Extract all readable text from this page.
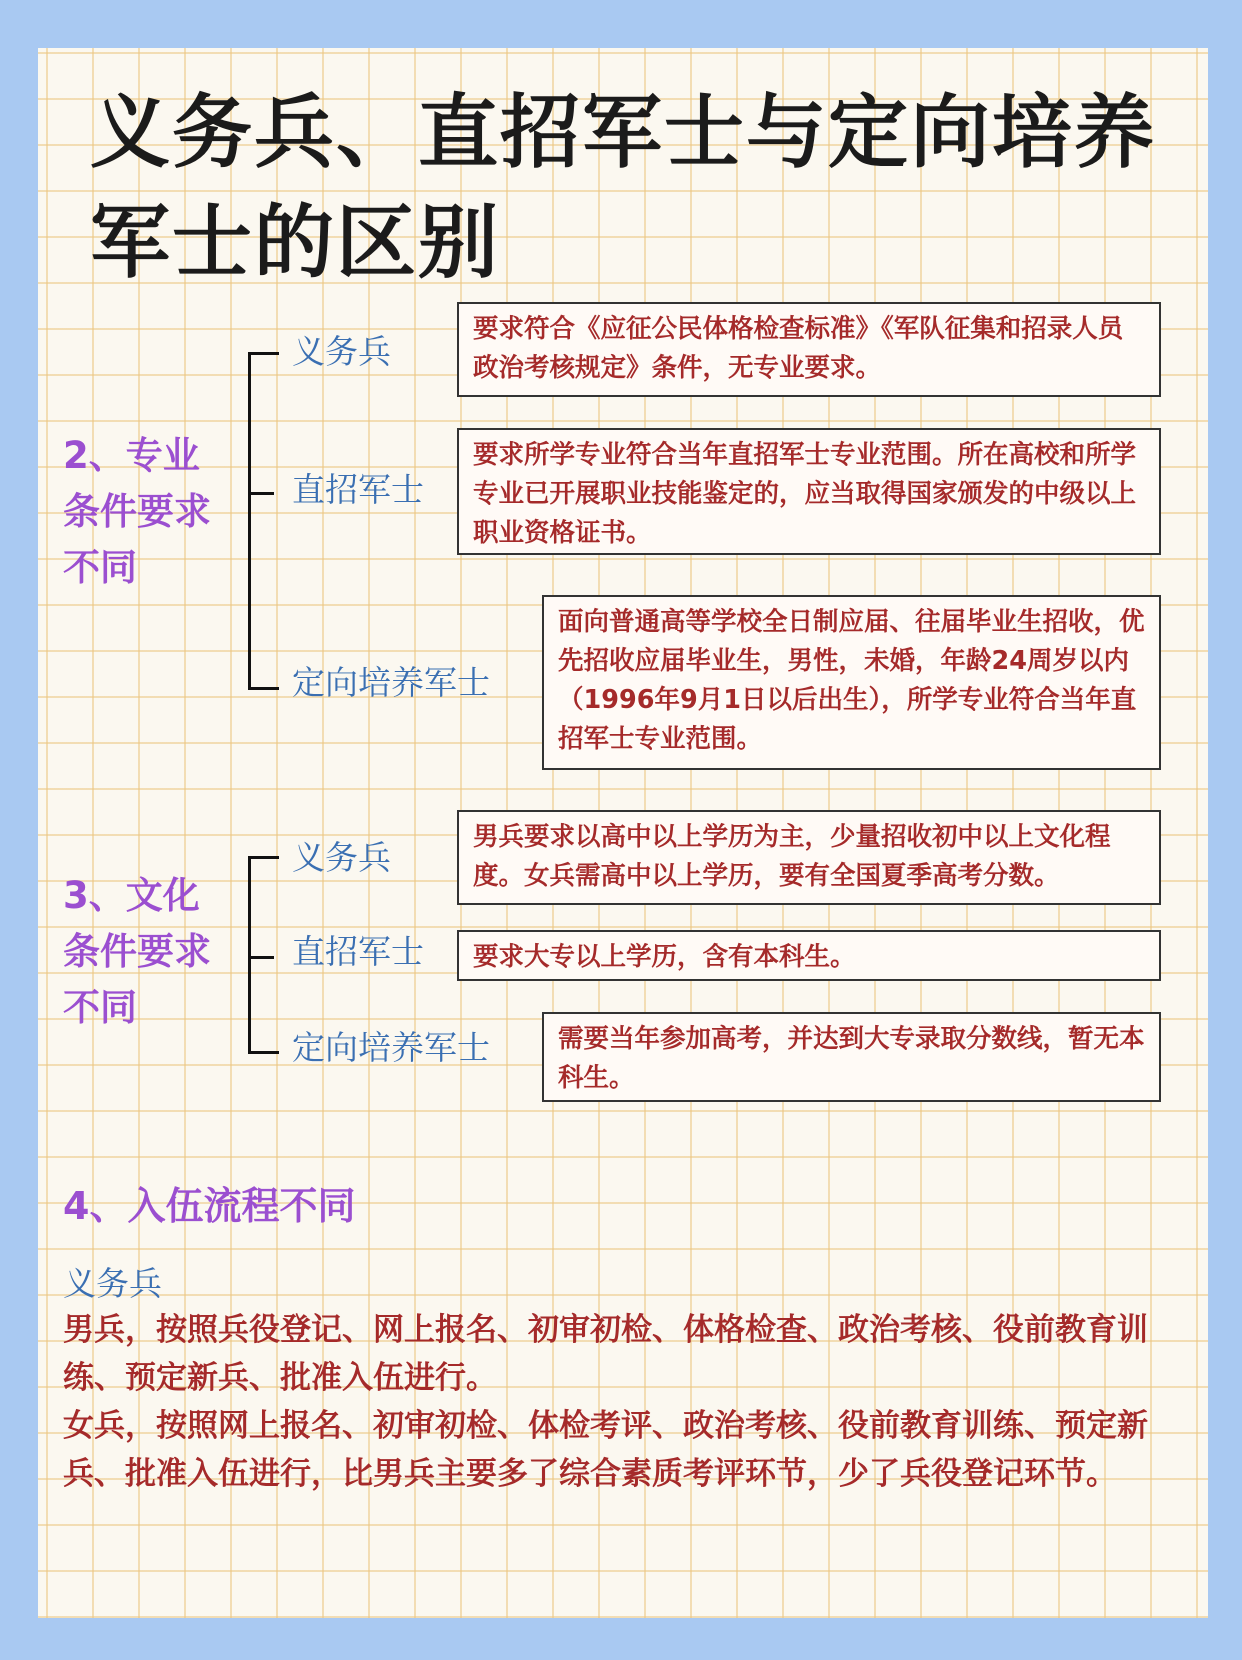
义务兵、直招军士与定向培养军士的区别
2、专业
条件要求
不同
义务兵
直招军士
定向培养军士
要求符合《应征公民体格检查标准》《军队征集和招录人员政治考核规定》条件，无专业要求。
要求所学专业符合当年直招军士专业范围。所在高校和所学专业已开展职业技能鉴定的，应当取得国家颁发的中级以上职业资格证书。
面向普通高等学校全日制应届、往届毕业生招收，优先招收应届毕业生，男性，未婚，年龄24周岁以内（1996年9月1日以后出生），所学专业符合当年直招军士专业范围。
3、文化
条件要求
不同
义务兵
直招军士
定向培养军士
男兵要求以高中以上学历为主，少量招收初中以上文化程度。女兵需高中以上学历，要有全国夏季高考分数。
要求大专以上学历，含有本科生。
需要当年参加高考，并达到大专录取分数线，暂无本科生。
4、入伍流程不同
义务兵
男兵，按照兵役登记、网上报名、初审初检、体格检查、政治考核、役前教育训练、预定新兵、批准入伍进行。
女兵，按照网上报名、初审初检、体检考评、政治考核、役前教育训练、预定新兵、批准入伍进行，比男兵主要多了综合素质考评环节，少了兵役登记环节。
